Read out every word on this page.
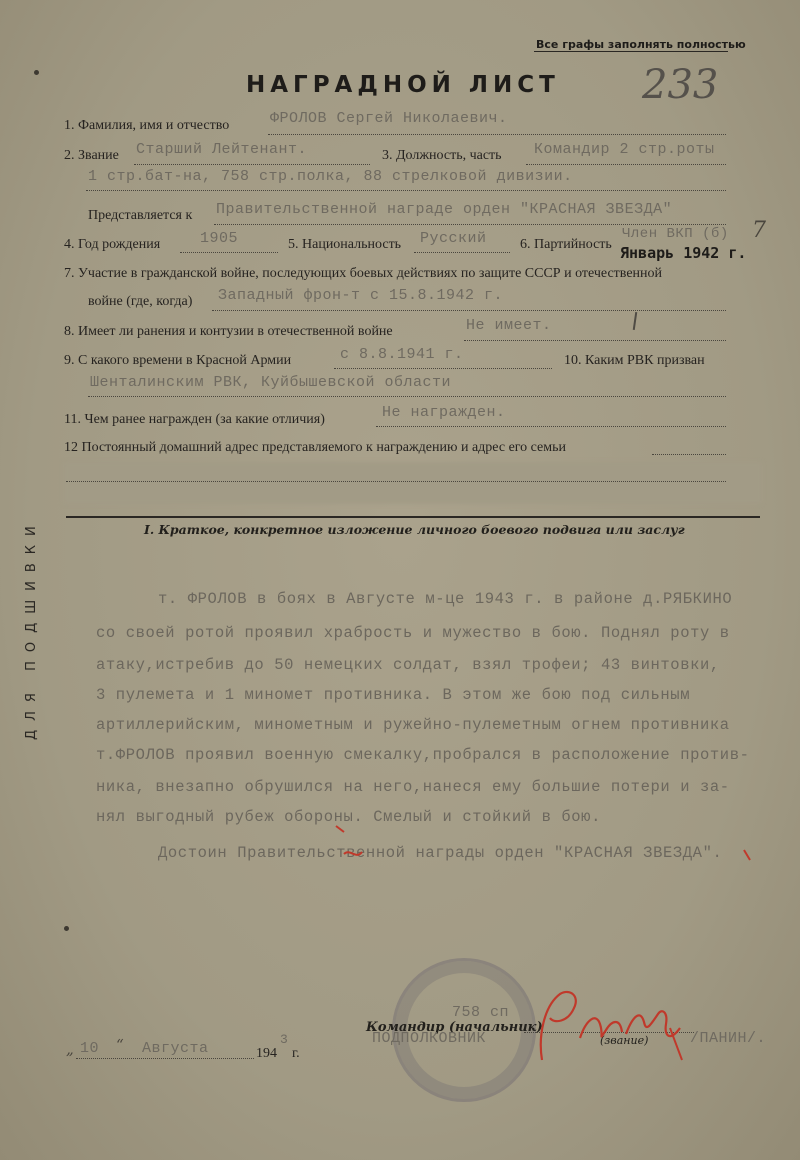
Все графы заполнять полностью
НАГРАДНОЙ ЛИСТ 233
ДЛЯ ПОДШИВКИ
1. Фамилия, имя и отчество	ФРОЛОВ Сергей Николаевич.
2. Звание Старший Лейтенант.	3. Должность, часть Командир 2 стр.роты
1 стр.бат-на, 758 стр.полка, 88 стрелковой дивизии.
Представляется к Правительственной награде орден "КРАСНАЯ ЗВЕЗДА"
4. Год рождения	1905	5. Национальность Русский 6. Партийность
Член ВКП (б) 7
Январь 1942 г.
7. Участие в гражданской войне, последующих боевых действиях по защите СССР и отечественной
войне (где, когда) Западный фрон-т с 15.8.1942 г.
8. Имеет ли ранения и контузии в отечественной войне	Не имеет.
9. С какого времени в Красной Армии	с 8.8.1941 г.	10. Каким РВК призван
Шенталинским РВК, Куйбышевской области
11. Чем ранее награжден (за какие отличия)	Не награжден.
12 Постоянный домашний адрес представляемого к награждению и адрес его семьи
I. Краткое, конкретное изложение личного боевого подвига или заслуг
т. ФРОЛОВ в боях в Августе м-це 1943 г. в районе д.РЯБКИНО
со своей ротой проявил храбрость и мужество в бою. Поднял роту в
атаку,истребив до 50 немецких солдат, взял трофеи; 43 винтовки,
3 пулемета и 1 миномет противника. В этом же бою под сильным
артиллерийским, минометным и ружейно-пулеметным огнем противника
т.ФРОЛОВ проявил военную смекалку,пробрался в расположение против-
ника, внезапно обрушился на него,нанеся ему большие потери и за-
нял выгодный рубеж обороны. Смелый и стойкий в бою.
Достоин Правительственной награды орден "КРАСНАЯ ЗВЕЗДА".
„ 10 “ Августа	194
3
г.
758 сп
Командир (начальник)
ПОДПОЛКОВНИК	(звание)	/ПАНИН/.
